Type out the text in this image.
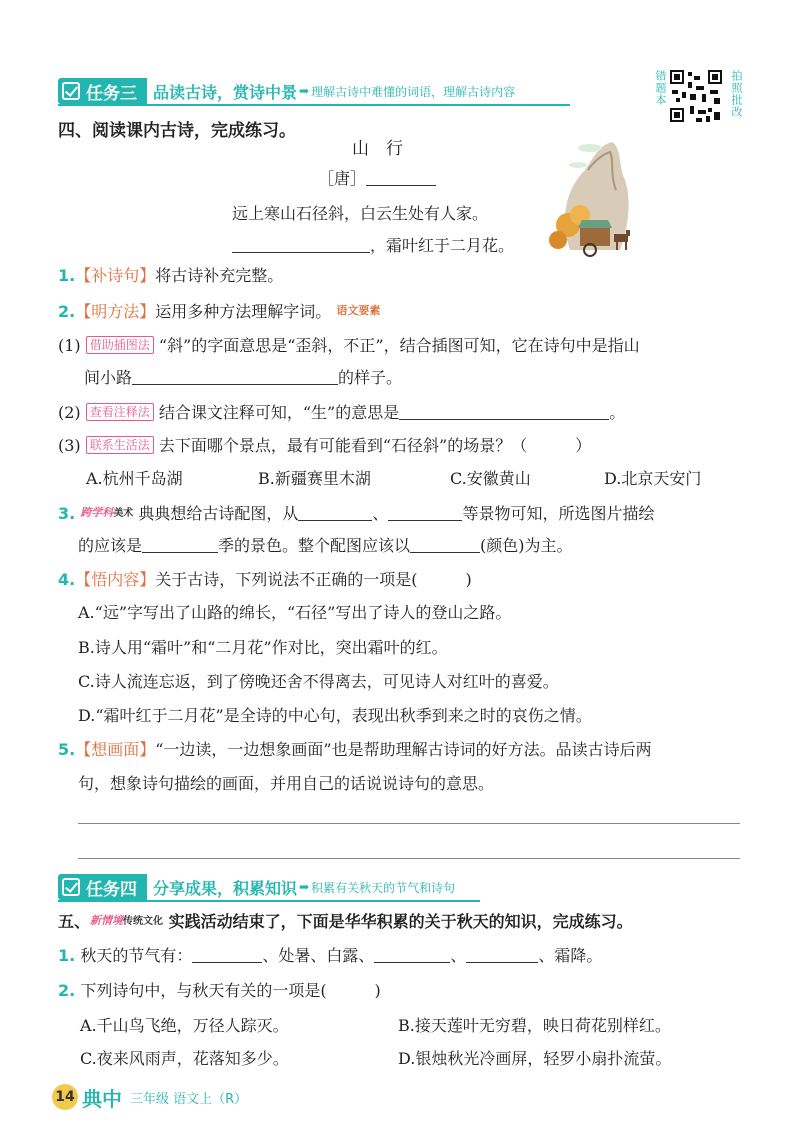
任务三 品读古诗，赏诗中景 ➡ 理解古诗中难懂的词语，理解古诗内容	错题本	拍照批改
四、阅读课内古诗，完成练习。
山　行
［唐］
远上寒山石径斜，白云生处有人家。
，霜叶红于二月花。
1.【补诗句】将古诗补充完整。
2.【明方法】运用多种方法理解字词。 语文要素
(1) 借助插图法 “斜”的字面意思是“歪斜，不正”，结合插图可知，它在诗句中是指山
间小路	的样子。
(2) 查看注释法 结合课文注释可知，“生”的意思是	。
(3) 联系生活法 去下面哪个景点，最有可能看到“石径斜”的场景？（　　　）
A.杭州千岛湖	B.新疆赛里木湖	C.安徽黄山	D.北京天安门
3. 跨学科美术 典典想给古诗配图，从	、	等景物可知，所选图片描绘
的应该是	季的景色。整个配图应该以	(颜色)为主。
4.【悟内容】关于古诗，下列说法不正确的一项是(　　　)
A.“远”字写出了山路的绵长，“石径”写出了诗人的登山之路。
B.诗人用“霜叶”和“二月花”作对比，突出霜叶的红。
C.诗人流连忘返，到了傍晚还舍不得离去，可见诗人对红叶的喜爱。
D.“霜叶红于二月花”是全诗的中心句，表现出秋季到来之时的哀伤之情。
5.【想画面】“一边读，一边想象画面”也是帮助理解古诗词的好方法。品读古诗后两
句，想象诗句描绘的画面，并用自己的话说说诗句的意思。
任务四 分享成果，积累知识 ➡ 积累有关秋天的节气和诗句
五、新情境传统文化 实践活动结束了，下面是华华积累的关于秋天的知识，完成练习。
1. 秋天的节气有：	、处暑、白露、	、	、霜降。
2. 下列诗句中，与秋天有关的一项是(　　　)
A.千山鸟飞绝，万径人踪灭。	B.接天莲叶无穷碧，映日荷花别样红。
C.夜来风雨声，花落知多少。	D.银烛秋光冷画屏，轻罗小扇扑流萤。
14 典中 三年级 语文上（R）
